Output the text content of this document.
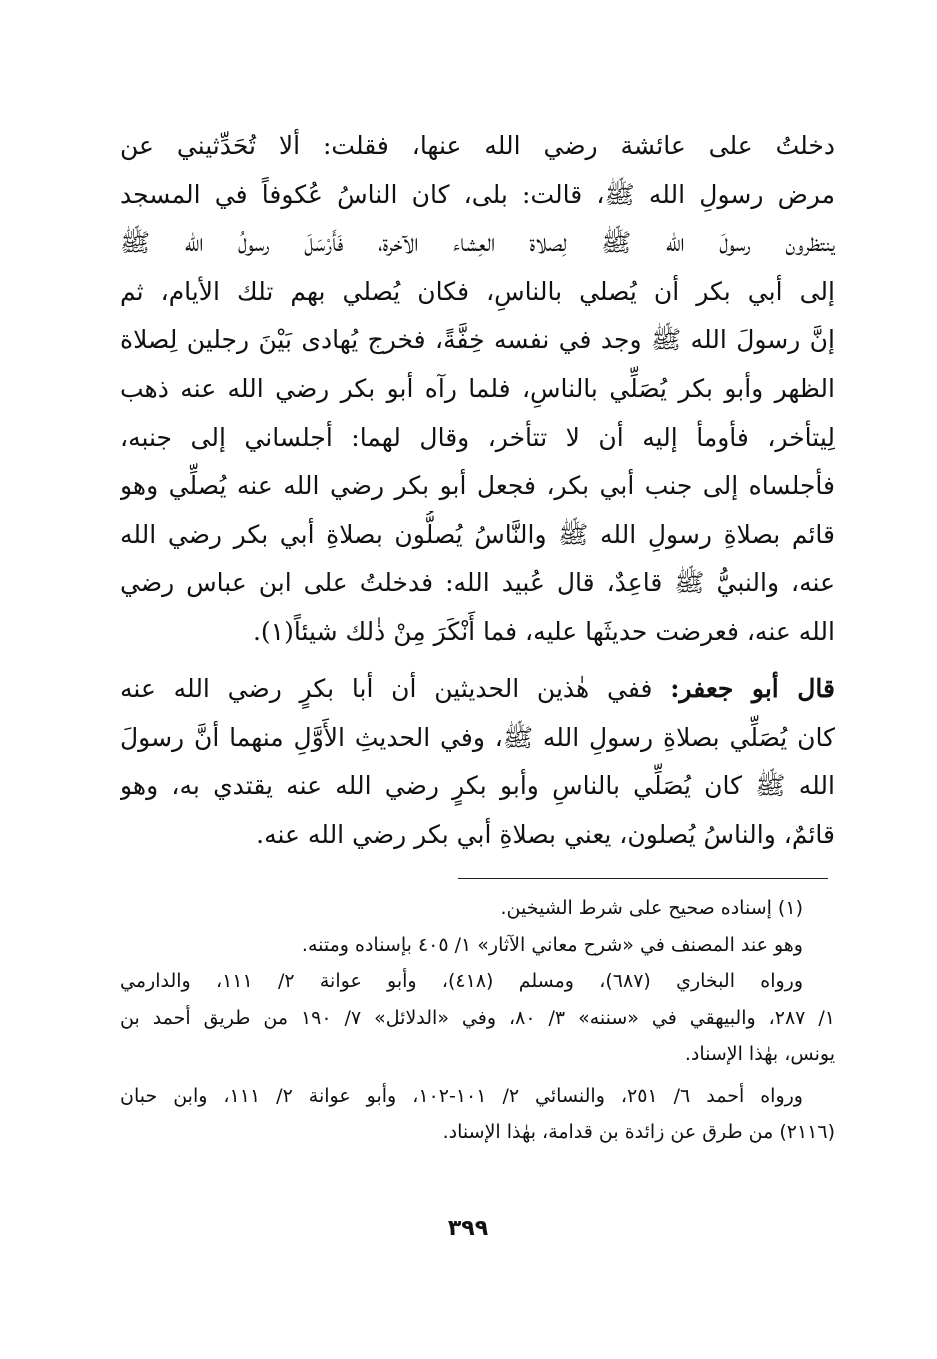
دخلتُ على عائشة رضي الله عنها، فقلت: ألا تُحَدِّثيني عن
مرض رسولِ الله ﷺ، قالت: بلى، كان الناسُ عُكوفاً في المسجد
ينتظرون رسولَ الله ﷺ لِصلاة العِشاء الآخرة، فَأَرْسَلَ رسولُ الله ﷺ
إلى أبي بكر أن يُصلي بالناسِ، فكان يُصلي بهم تلك الأيام، ثم
إنَّ رسولَ الله ﷺ وجد في نفسه خِفَّةً، فخرج يُهادى بَيْنَ رجلين لِصلاة
الظهر وأبو بكر يُصَلِّي بالناسِ، فلما رآه أبو بكر رضي الله عنه ذهب
لِيتأخر، فأومأ إليه أن لا تتأخر، وقال لهما: أجلساني إلى جنبه،
فأجلساه إلى جنب أبي بكر، فجعل أبو بكر رضي الله عنه يُصلِّي وهو
قائم بصلاةِ رسولِ الله ﷺ والنَّاسُ يُصلُّون بصلاةِ أبي بكر رضي الله
عنه، والنبيُّ ﷺ قاعِدٌ، قال عُبيد الله: فدخلتُ على ابن عباس رضي
الله عنه، فعرضت حديثَها عليه، فما أَنْكَرَ مِنْ ذٰلك شيئاً(١).
قال أبو جعفر: ففي هٰذين الحديثين أن أبا بكرٍ رضي الله عنه
كان يُصَلِّي بصلاةِ رسولِ الله ﷺ، وفي الحديثِ الأَوَّلِ منهما أنَّ رسولَ
الله ﷺ كان يُصَلِّي بالناسِ وأبو بكرٍ رضي الله عنه يقتدي به، وهو
قائمٌ، والناسُ يُصلون، يعني بصلاةِ أبي بكر رضي الله عنه.
(١) إسناده صحيح على شرط الشيخين.
وهو عند المصنف في «شرح معاني الآثار» ١/ ٤٠٥ بإسناده ومتنه.
ورواه البخاري (٦٨٧)، ومسلم (٤١٨)، وأبو عوانة ٢/ ١١١، والدارمي
١/ ٢٨٧، والبيهقي في «سننه» ٣/ ٨٠، وفي «الدلائل» ٧/ ١٩٠ من طريق أحمد بن
يونس، بهٰذا الإسناد.
ورواه أحمد ٦/ ٢٥١، والنسائي ٢/ ١٠١-١٠٢، وأبو عوانة ٢/ ١١١، وابن حبان
(٢١١٦) من طرق عن زائدة بن قدامة، بهٰذا الإسناد.
٣٩٩
